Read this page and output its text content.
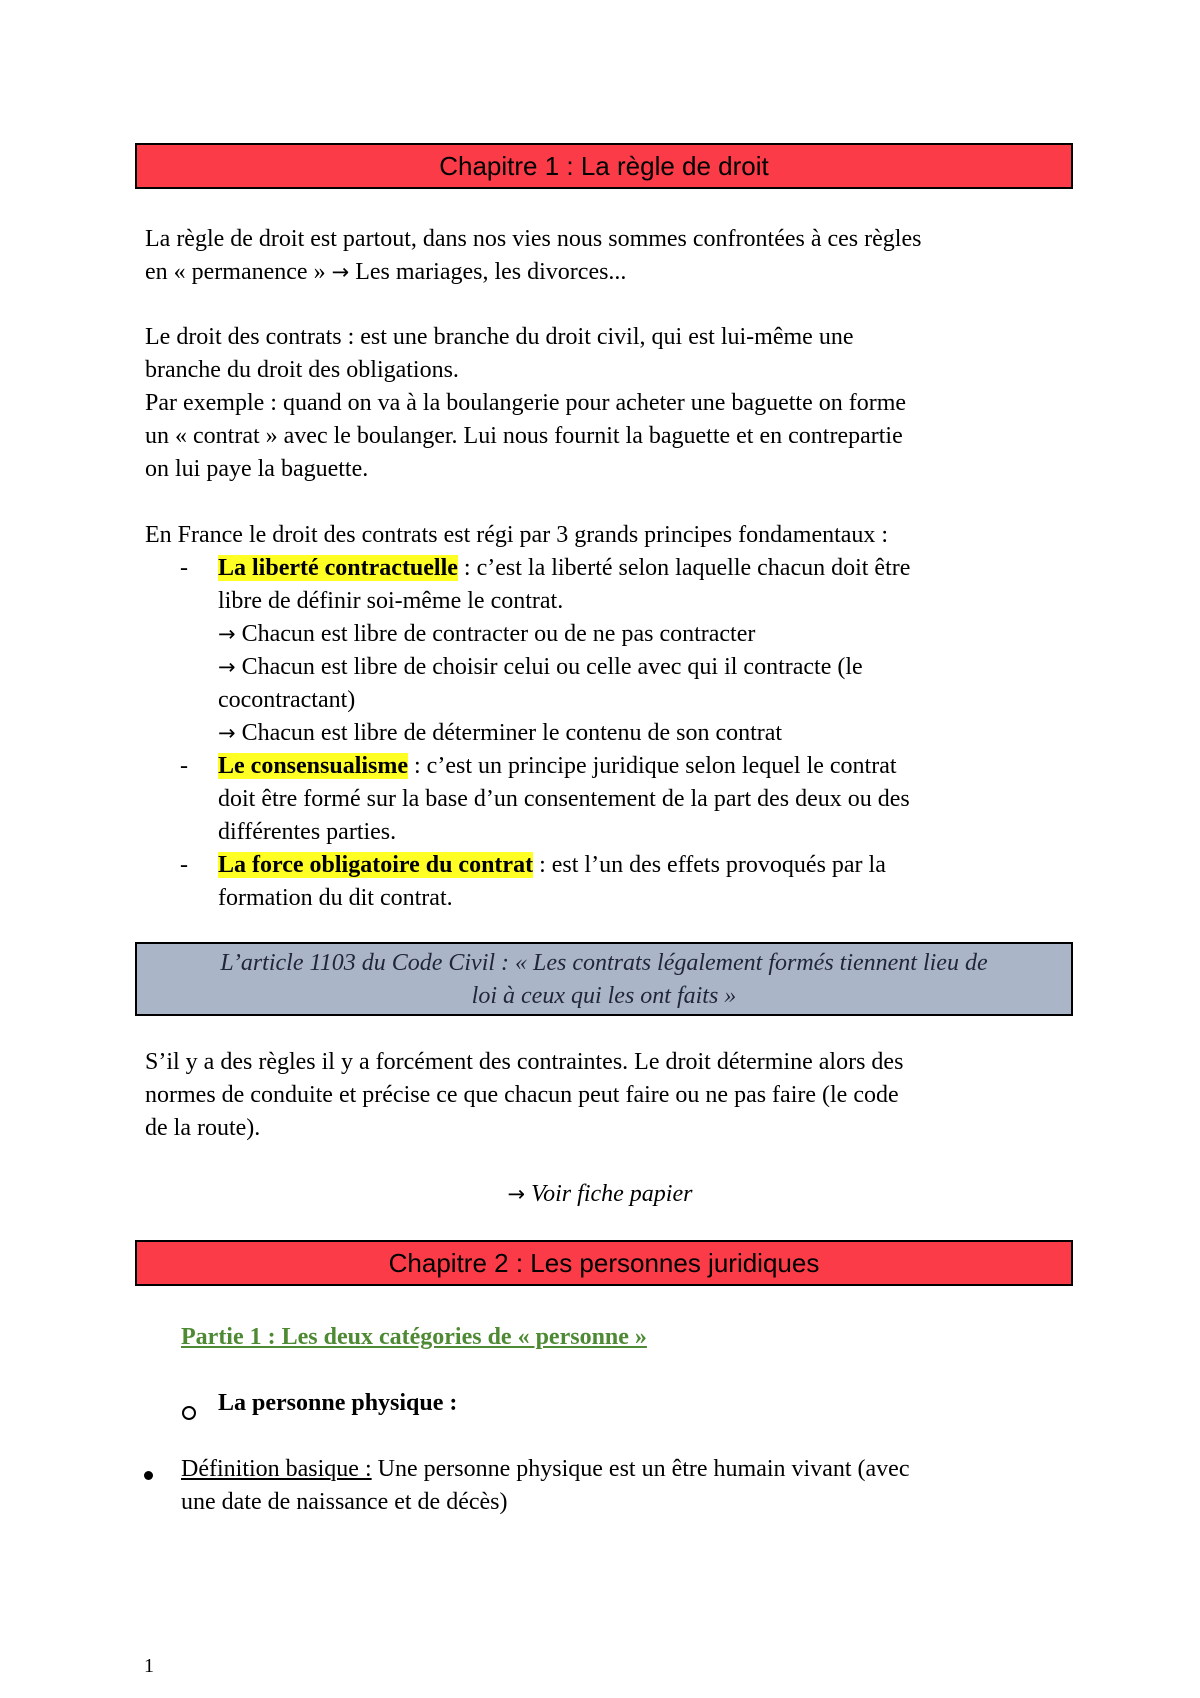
Chapitre 1 : La règle de droit
La règle de droit est partout, dans nos vies nous sommes confrontées à ces règles
en « permanence » → Les mariages, les divorces...
Le droit des contrats : est une branche du droit civil, qui est lui-même une
branche du droit des obligations.
Par exemple : quand on va à la boulangerie pour acheter une baguette on forme
un « contrat » avec le boulanger. Lui nous fournit la baguette et en contrepartie
on lui paye la baguette.
En France le droit des contrats est régi par 3 grands principes fondamentaux :
- La liberté contractuelle : c’est la liberté selon laquelle chacun doit être
libre de définir soi-même le contrat.
→ Chacun est libre de contracter ou de ne pas contracter
→ Chacun est libre de choisir celui ou celle avec qui il contracte (le
cocontractant)
→ Chacun est libre de déterminer le contenu de son contrat
- Le consensualisme : c’est un principe juridique selon lequel le contrat
doit être formé sur la base d’un consentement de la part des deux ou des
différentes parties.
- La force obligatoire du contrat : est l’un des effets provoqués par la
formation du dit contrat.
L’article 1103 du Code Civil : « Les contrats légalement formés tiennent lieu de
loi à ceux qui les ont faits »
S’il y a des règles il y a forcément des contraintes. Le droit détermine alors des
normes de conduite et précise ce que chacun peut faire ou ne pas faire (le code
de la route).
→ Voir fiche papier
Chapitre 2 : Les personnes juridiques
Partie 1 : Les deux catégories de « personne »
La personne physique :
Définition basique : Une personne physique est un être humain vivant (avec
une date de naissance et de décès)
1
